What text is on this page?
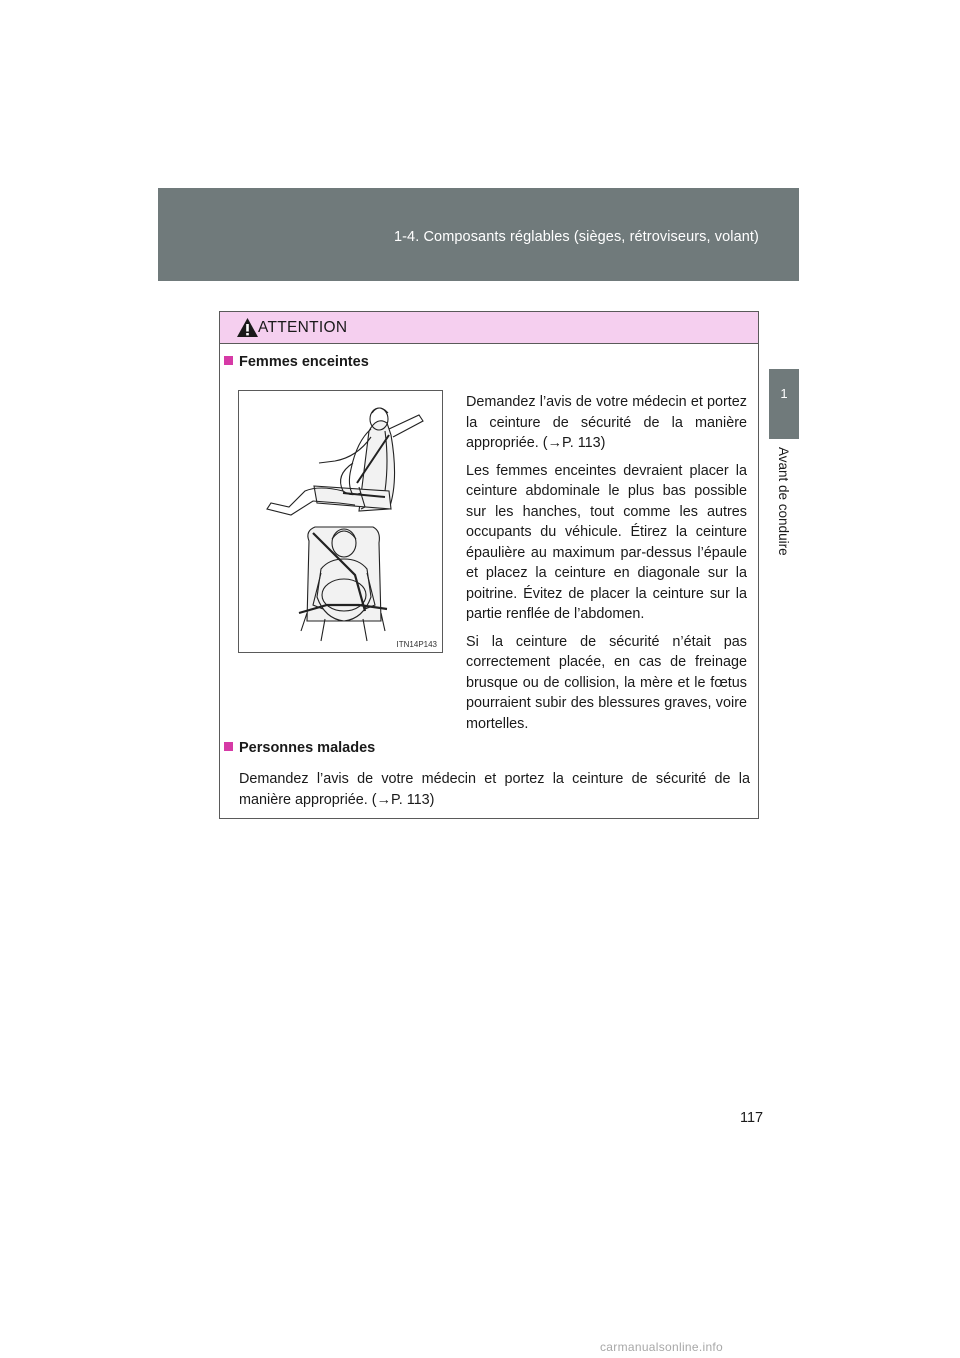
1-4. Composants réglables (sièges, rétroviseurs, volant)
1
Avant de conduire
ATTENTION
Femmes enceintes
ITN14P143

Demandez l’avis de votre médecin et portez la ceinture de sécurité de la manière appropriée. (→P. 113)

Les femmes enceintes devraient placer la ceinture abdominale le plus bas possible sur les hanches, tout comme les autres occupants du véhicule. Étirez la ceinture épaulière au maximum par-dessus l’épaule et placez la ceinture en diagonale sur la poitrine. Évitez de placer la ceinture sur la partie renflée de l’abdomen.

Si la ceinture de sécurité n’était pas correctement placée, en cas de freinage brusque ou de collision, la mère et le fœtus pourraient subir des blessures graves, voire mortelles.

Personnes malades
Demandez l’avis de votre médecin et portez la ceinture de sécurité de la manière appropriée. (→P. 113)
117
carmanualsonline.info
